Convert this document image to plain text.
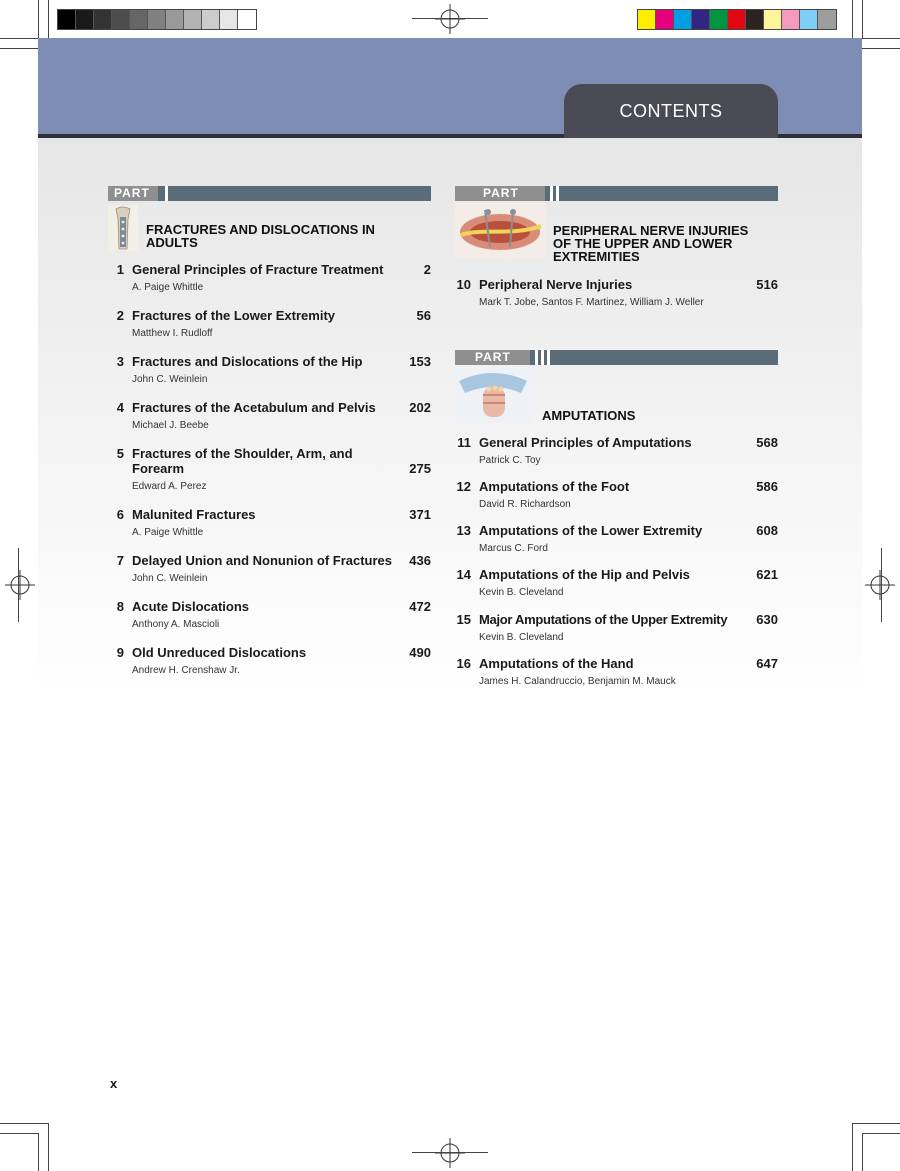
CONTENTS
PART
FRACTURES AND DISLOCATIONS IN
ADULTS
1 General Principles of Fracture Treatment	2
A. Paige Whittle
2 Fractures of the Lower Extremity	56
Matthew I. Rudloff
3 Fractures and Dislocations of the Hip	153
John C. Weinlein
4 Fractures of the Acetabulum and Pelvis	202
Michael J. Beebe
5 Fractures of the Shoulder, Arm, and
Forearm	275
Edward A. Perez
6 Malunited Fractures	371
A. Paige Whittle
7 Delayed Union and Nonunion of Fractures	436
John C. Weinlein
8 Acute Dislocations	472
Anthony A. Mascioli
9 Old Unreduced Dislocations	490
Andrew H. Crenshaw Jr.
PART
PERIPHERAL NERVE INJURIES
OF THE UPPER AND LOWER
EXTREMITIES
10 Peripheral Nerve Injuries	516
Mark T. Jobe, Santos F. Martinez, William J. Weller
PART
AMPUTATIONS
11 General Principles of Amputations	568
Patrick C. Toy
12 Amputations of the Foot	586
David R. Richardson
13 Amputations of the Lower Extremity	608
Marcus C. Ford
14 Amputations of the Hip and Pelvis	621
Kevin B. Cleveland
15 Major Amputations of the Upper Extremity	630
Kevin B. Cleveland
16 Amputations of the Hand	647
James H. Calandruccio, Benjamin M. Mauck
x
